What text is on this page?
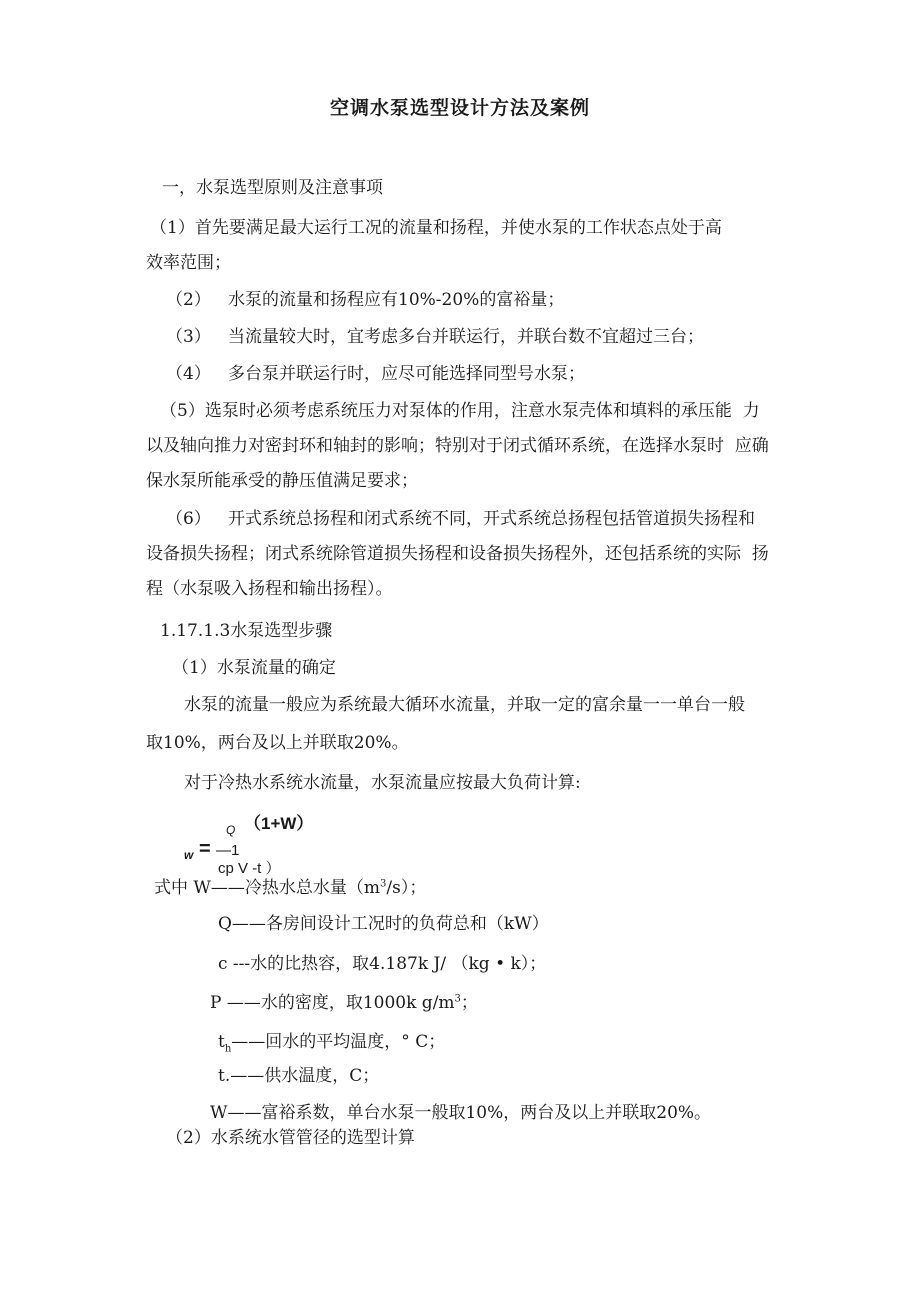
空调水泵选型设计方法及案例
一，水泵选型原则及注意事项
（1）首先要满足最大运行工况的流量和扬程，并使水泵的工作状态点处于高
效率范围；
（2） 水泵的流量和扬程应有10%-20%的富裕量；
（3） 当流量较大时，宜考虑多台并联运行，并联台数不宜超过三台；
（4） 多台泵并联运行时，应尽可能选择同型号水泵；
（5）选泵时必须考虑系统压力对泵体的作用，注意水泵壳体和填料的承压能  力
以及轴向推力对密封环和轴封的影响；特别对于闭式循环系统，在选择水泵时  应确
保水泵所能承受的静压值满足要求；
（6） 开式系统总扬程和闭式系统不同，开式系统总扬程包括管道损失扬程和
设备损失扬程；闭式系统除管道损失扬程和设备损失扬程外，还包括系统的实际  扬
程（水泵吸入扬程和输出扬程）。
1.17.1.3水泵选型步骤
（1）水泵流量的确定
水泵的流量一般应为系统最大循环水流量，并取一定的富余量一一单台一般
取10%，两台及以上并联取20%。
对于冷热水系统水流量，水泵流量应按最大负荷计算:
Q （1+W）
w = —1
cp V -t ）
式中 W——冷热水总水量$(m^3/s)$；
Q——各房间设计工况时的负荷总和（kW）
c ---水的比热容，取4.187k J/ （kg • k）；
P ——水的密度，取1000k $g/m^3$；
$t_h——$回水的平均温度，° C；
t.——供水温度，C；
W——富裕系数，单台水泵一般取10%，两台及以上并联取20%。
（2）水系统水管管径的选型计算
